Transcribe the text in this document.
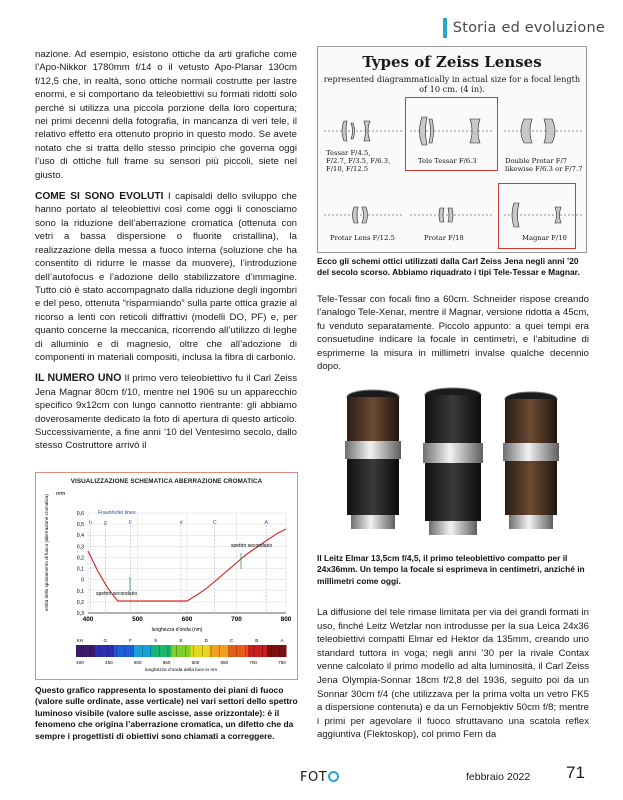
Storia ed evoluzione

nazione. Ad esempio, esistono ottiche da arti grafiche come l’Apo-Nikkor 1780mm f/14 o il vetusto Apo-Planar 130cm f/12,5 che, in realtà, sono ottiche normali costrutte per lastre enormi, e si comportano da teleobiettivi su formati ridotti solo perché si utilizza una piccola porzione della loro copertura; nei primi decenni della fotografia, in mancanza di veri tele, il relativo effetto era ottenuto proprio in questo modo. Se avete notato che si tratta dello stesso principio che governa oggi l’uso di ottiche full frame su sensori più piccoli, siete nel giusto.

COME SI SONO EVOLUTI I capisaldi dello sviluppo che hanno portato al teleobiettivi così come oggi li conosciamo sono la riduzione dell’aberrazione cromatica (ottenuta con vetri a bassa dispersione o fluorite cristallina), la realizzazione della messa a fuoco interna (soluzione che ha consentito di ridurre le masse da muovere), l’introduzione dell’autofocus e l’adozione dello stabilizzatore d’immagine. Tutto ciò è stato accompagnato dalla riduzione degli ingombri e del peso, ottenuta “risparmiando” sulla parte ottica grazie al ricorso a lenti con reticoli diffrattivi (modelli DO, PF) e, per quanto concerne la meccanica, ricorrendo all’utilizzo di leghe di alluminio e di magnesio, oltre che all’adozione di componenti in materiali compositi, inclusa la fibra di carbonio.

IL NUMERO UNO Il primo vero teleobiettivo fu il Carl Zeiss Jena Magnar 80cm f/10, mentre nel 1906 su un apparecchio specifico 9x12cm con lungo cannotto rientrante: gli abbiamo doverosamente dedicato la foto di apertura di questo articolo. Successivamente, a fine anni ’10 del Ventesimo secolo, dallo stesso Costruttore arrivò il

Types of Zeiss Lenses
represented diagrammatically in actual size for a focal length
of 10 cm. (4 in).
Tessar F/4.5,
F/2.7, F/3.5, F/6.3,
F/10, F/12.5
Tele Tessar F/6.3	Double Protar F/7
likewise F/6.3 or F/7.7
Protar Lens F/12.5	Protar F/18	Magnar F/10
Ecco gli schemi ottici utilizzati dalla Carl Zeiss Jena negli anni ’20 del secolo scorso. Abbiamo riquadrato i tipi Tele-Tessar e Magnar.
Tele-Tessar con focali fino a 60cm. Schneider rispose creando l’analogo Tele-Xenar, mentre il Magnar, versione ridotta a 45cm, fu venduto separatamente. Piccolo appunto: a quei tempi era consuetudine indicare la focale in centimetri, e l’abitudine di esprimerne la misura in millimetri invalse qualche decennio dopo.
Il Leitz Elmar 13,5cm f/4,5, il primo teleobiettivo compatto per il 24x36mm. Un tempo la focale si esprimeva in centimetri, anziché in millimetri come oggi.
La diffusione del tele rimase limitata per via dei grandi formati in uso, finché Leitz Wetzlar non introdusse per la sua Leica 24x36 teleobiettivi compatti Elmar ed Hektor da 135mm, creando uno standard tuttora in voga; negli anni ’30 per la rivale Contax venne calcolato il primo modello ad alta luminosità, il Carl Zeiss Jena Olympia-Sonnar 18cm f/2,8 del 1936, seguito poi da un Sonnar 30cm f/4 (che utilizzava per la prima volta un vetro FK5 a dispersione contenuta) e da un Fernobjektiv 50cm f/8; mentre i primi per agevolare il fuoco sfruttavano una scatola reflex aggiuntiva (Flektoskop), col primo Fern da
VISUALIZZAZIONE SCHEMATICA ABERRAZIONE CROMATICA
mm
entità dello spostamento di fuoco (aberrazione cromatica)	0,6
0,5
0,4
0,3
0,2
0,1
0
0,1
0,2
0,3
400	500	600	700	800
lunghezza d’onda (nm)
Fraunhofer lines
h g	F	d	C	A
spettro secondario
spettro secondario
KH	G	F	b	E	D	C	B	A
400	450	500	550	600	650	700	750
lunghezza d’onda della luce in nm
Questo grafico rappresenta lo spostamento dei piani di fuoco (valore sulle ordinate, asse verticale) nei vari settori dello spettro luminoso visibile (valore sulle ascisse, asse orizzontale): è il fenomeno che origina l’aberrazione cromatica, un difetto che da sempre i progettisti di obiettivi sono chiamati a correggere.
FOT	febbraio 2022 71
